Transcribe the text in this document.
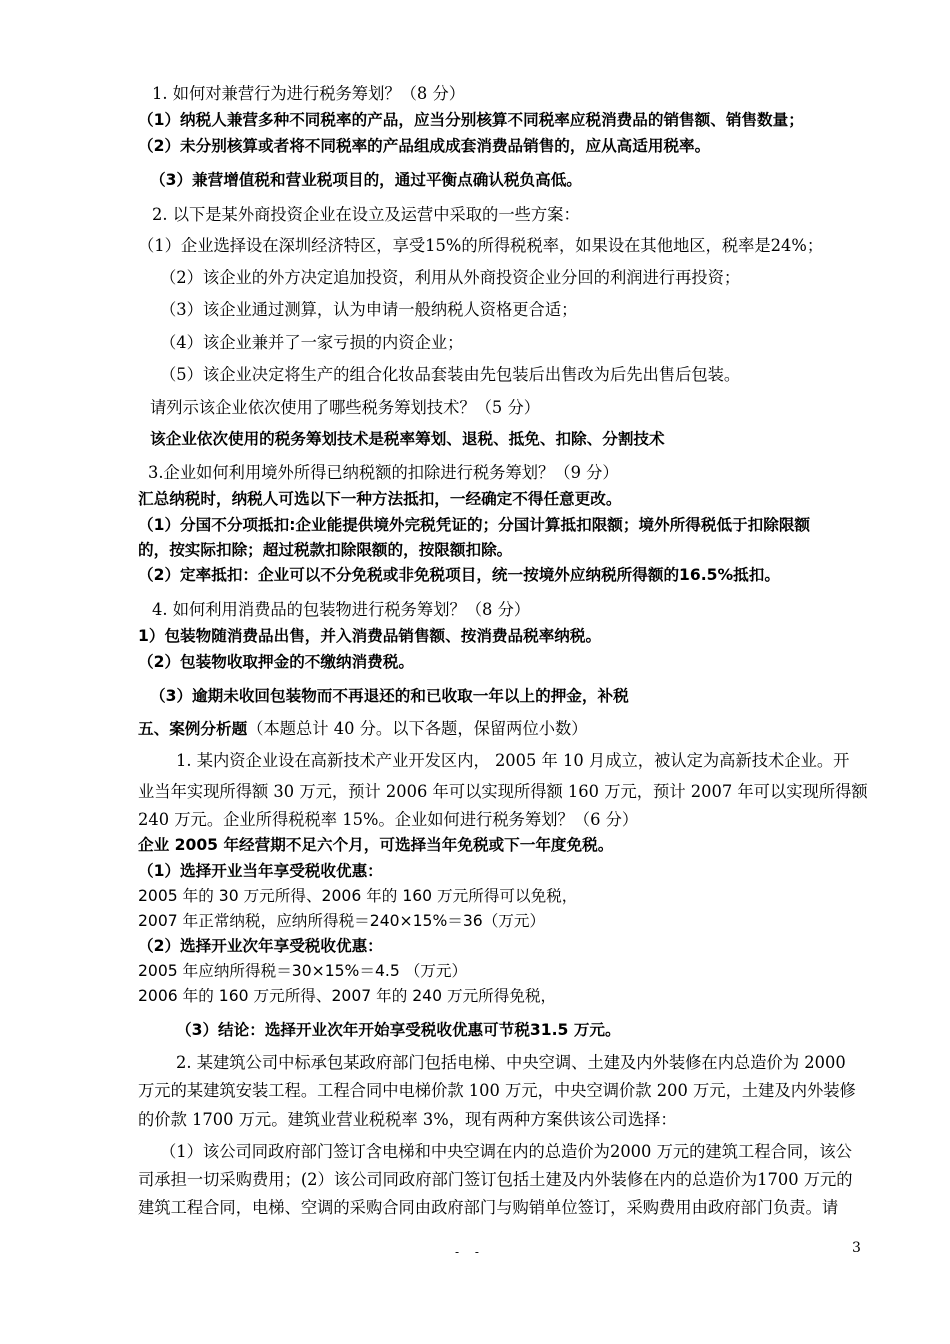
1. 如何对兼营行为进行税务筹划？（8 分）
（1）纳税人兼营多种不同税率的产品，应当分别核算不同税率应税消费品的销售额、销售数量；
（2）未分别核算或者将不同税率的产品组成成套消费品销售的，应从高适用税率。
（3）兼营增值税和营业税项目的，通过平衡点确认税负高低。
2. 以下是某外商投资企业在设立及运营中采取的一些方案：
（1）企业选择设在深圳经济特区，享受15%的所得税税率，如果设在其他地区，税率是24%；
（2）该企业的外方决定追加投资，利用从外商投资企业分回的利润进行再投资；
（3）该企业通过测算，认为申请一般纳税人资格更合适；
（4）该企业兼并了一家亏损的内资企业；
（5）该企业决定将生产的组合化妆品套装由先包装后出售改为后先出售后包装。
请列示该企业依次使用了哪些税务筹划技术？（5 分）
该企业依次使用的税务筹划技术是税率筹划、退税、抵免、扣除、分割技术
3.企业如何利用境外所得已纳税额的扣除进行税务筹划？（9 分）
汇总纳税时，纳税人可选以下一种方法抵扣，一经确定不得任意更改。
（1）分国不分项抵扣:企业能提供境外完税凭证的；分国计算抵扣限额；境外所得税低于扣除限额
的，按实际扣除；超过税款扣除限额的，按限额扣除。
（2）定率抵扣：企业可以不分免税或非免税项目，统一按境外应纳税所得额的16.5%抵扣。
4. 如何利用消费品的包装物进行税务筹划？（8 分）
1）包装物随消费品出售，并入消费品销售额、按消费品税率纳税。
（2）包装物收取押金的不缴纳消费税。
（3）逾期未收回包装物而不再退还的和已收取一年以上的押金，补税
五、案例分析题（本题总计 40 分。以下各题，保留两位小数）
1. 某内资企业设在高新技术产业开发区内， 2005 年 10 月成立，被认定为高新技术企业。开
业当年实现所得额 30 万元，预计 2006 年可以实现所得额 160 万元，预计 2007 年可以实现所得额
240 万元。企业所得税税率 15%。企业如何进行税务筹划？（6 分）
企业 2005 年经营期不足六个月，可选择当年免税或下一年度免税。
（1）选择开业当年享受税收优惠：
2005 年的 30 万元所得、2006 年的 160 万元所得可以免税，
2007 年正常纳税，应纳所得税＝240×15%＝36（万元）
（2）选择开业次年享受税收优惠：
2005 年应纳所得税＝30×15%＝4.5 （万元）
2006 年的 160 万元所得、2007 年的 240 万元所得免税，
（3）结论：选择开业次年开始享受税收优惠可节税31.5 万元。
2. 某建筑公司中标承包某政府部门包括电梯、中央空调、土建及内外装修在内总造价为 2000
万元的某建筑安装工程。工程合同中电梯价款 100 万元，中央空调价款 200 万元，土建及内外装修
的价款 1700 万元。建筑业营业税税率 3%，现有两种方案供该公司选择：
（1）该公司同政府部门签订含电梯和中央空调在内的总造价为2000 万元的建筑工程合同，该公
司承担一切采购费用；(2）该公司同政府部门签订包括土建及内外装修在内的总造价为1700 万元的
建筑工程合同，电梯、空调的采购合同由政府部门与购销单位签订，采购费用由政府部门负责。请
- -	3
